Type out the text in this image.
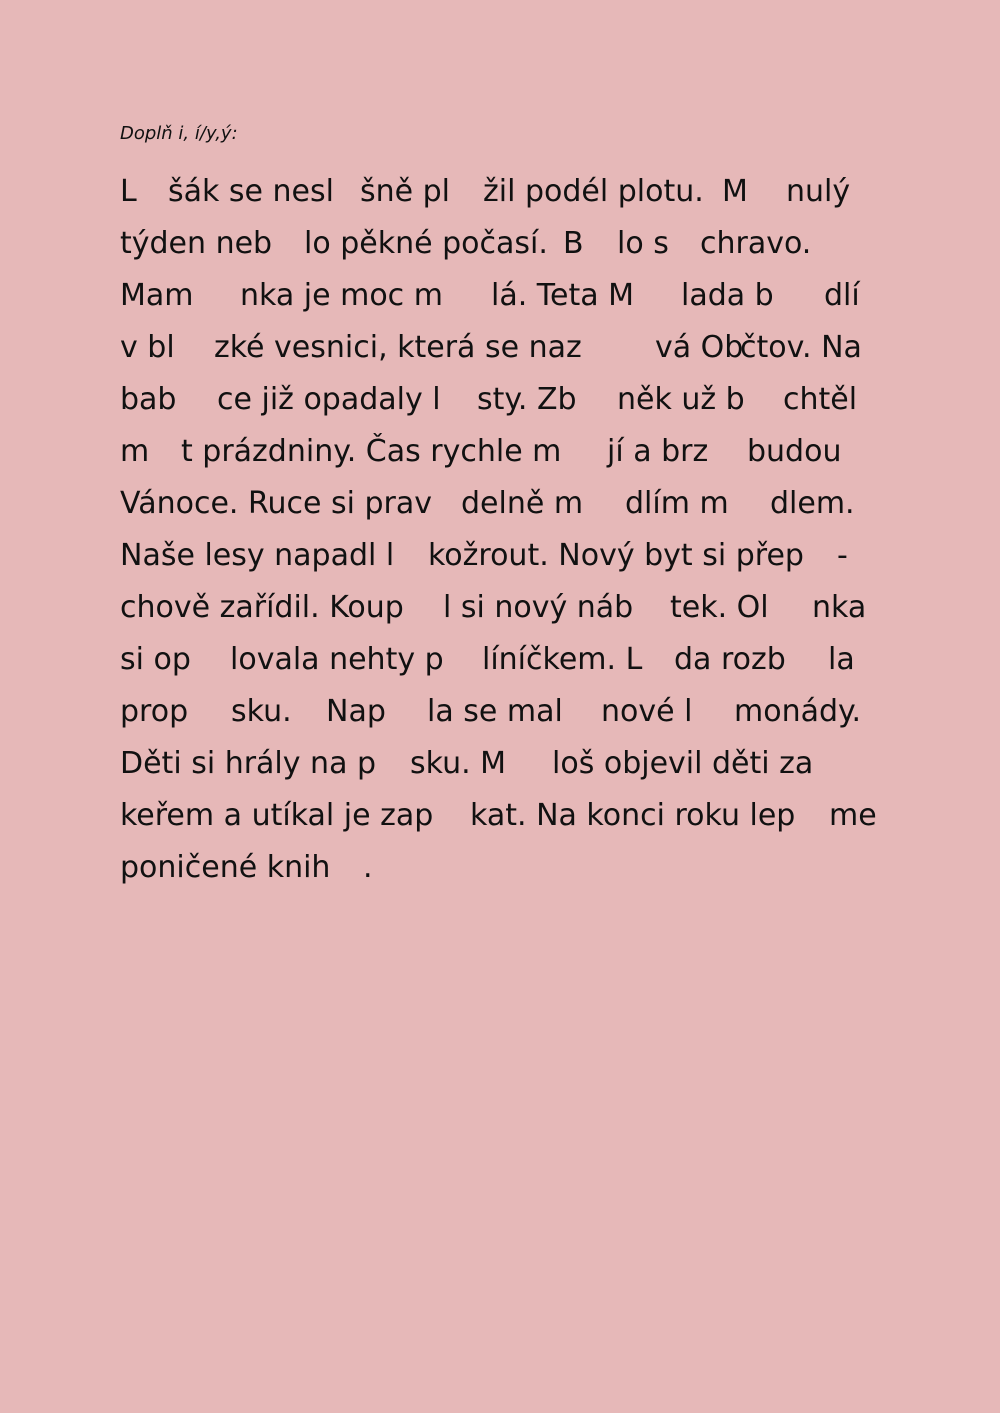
Doplň i, í/y,ý:
L šák se nesl šně pl žil podél plotu. M nulý
týden neb lo pěkné počasí. B lo s chravo.
Mam nka je moc m lá. Teta M lada b dlí
v bl zké vesnici, která se naz vá Ob
čtov. Na
bab ce již opadaly l sty. Zb něk už b chtěl
m t prázdniny. Čas rychle m jí a brz budou
Vánoce. Ruce si prav delně m dlím m dlem.
Naše lesy napadl l kožrout. Nový byt si přep -
chově zařídil. Koup l si nový náb tek. Ol nka
si op lovala nehty p líníčkem. L da rozb la
prop sku. Nap la se mal nové l monády.
Děti si hrály na p sku. M loš objevil děti za
keřem a utíkal je zap kat. Na konci roku lep me
poničené knih .
